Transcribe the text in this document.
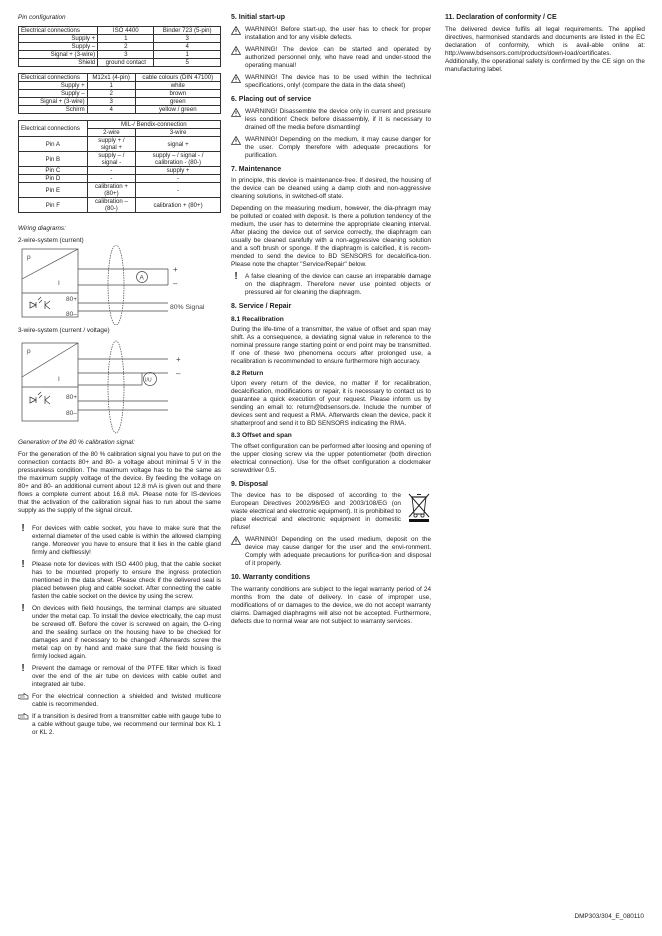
Pin configuration
Electrical connections	ISO 4400	Binder 723 (5-pin)
Supply +	1	3
Supply –	2	4
Signal + (3-wire)	3	1
Shield	ground contact	5
Electrical connections	M12x1 (4-pin)	cable colours (DIN 47100)
Supply +	1	white
Supply –	2	brown
Signal + (3-wire)	3	green
Schirm	4	yellow / green
Electrical connections	MIL-/ Bendix-connection	
	2-wire	3-wire
Pin A	supply + / signal +	signal +
Pin B	supply – / signal -	supply – / signal - / calibration - (80-)
Pin C	-	supply +
Pin D	-	-
Pin E	calibration + (80+)	-
Pin F	calibration – (80-)	calibration + (80+)
Wiring diagrams:
2-wire-system (current)
p
I
A
+
–
80+
80–
80% Signal
3-wire-system (current / voltage)
p
I	I/U
+
–
80+
80–
Generation of the 80 % calibration signal:

For the generation of the 80 % calibration signal you have to put on the connection contacts 80+ and 80- a voltage about minimal 5 V in the pressureless condition. The maximum voltage has to be the same as the maximum supply voltage of the device. By feeding the voltage on 80+ and 80- an additional current about 12.8 mA is given out and there flows a complete current about 16.8 mA. Please note for IS-devices that the activation of the calibration signal has to run about the same supply as the supply of the signal circuit.

!	For devices with cable socket, you have to make sure that the external diameter of the used cable is within the allowed clamping range. Moreover you have to ensure that it lies in the cable gland firmly and cleftlessly!
!	Please note for devices with ISO 4400 plug, that the cable socket has to be mounted properly to ensure the ingress protection mentioned in the data sheet. Please check if the delivered seal is placed between plug and cable socket. After connecting the cable fasten the cable socket on the device by using the screw.
!	On devices with field housings, the terminal clamps are situated under the metal cap. To install the device electrically, the cap must be screwed off. Before the cover is screwed on again, the O-ring and the sealing surface on the housing have to be checked for damages and if necessary to be changed! Afterwards screw the metal cap on by hand and make sure that the field housing is firmly locked again.
!	Prevent the damage or removal of the PTFE filter which is fixed over the end of the air tube on devices with cable outlet and integrated air tube.
For the electrical connection a shielded and twisted multicore cable is recommended.
If a transition is desired from a transmitter cable with gauge tube to a cable without gauge tube, we recommend our terminal box KL 1 or KL 2.
5. Initial start-up
WARNING! Before start-up, the user has to check for proper installation and for any visible defects.
WARNING! The device can be started and operated by authorized personnel only, who have read and under-stood the operating manual!
WARNING! The device has to be used within the technical specifications, only! (compare the data in the data sheet)
6. Placing out of service
WARNING! Disassemble the device only in current and pressure less condition! Check before disassembly, if it is necessary to drained off the media before dismantling!
WARNING! Depending on the medium, it may cause danger for the user. Comply therefore with adequate precautions for purification.
7. Maintenance

In principle, this device is maintenance-free. If desired, the housing of the device can be cleaned using a damp cloth and non-aggressive cleaning solutions, in switched-off state.

Depending on the measuring medium, however, the dia-phragm may be polluted or coated with deposit. Is there a pollution tendency of the medium, the user has to determine the appropriate cleaning interval. After placing the device out of service correctly, the diaphragm can usually be cleaned carefully with a non-aggressive cleaning solution and a soft brush or sponge. If the diaphragm is calcified, it is recom-mended to send the device to BD SENSORS for decalcifica-tion. Please note the chapter "Service/Repair" below.

!	A false cleaning of the device can cause an irreparable damage on the diaphragm. Therefore never use pointed objects or pressured air for cleaning the diaphragm.
8. Service / Repair
8.1 Recalibration

During the life-time of a transmitter, the value of offset and span may shift. As a consequence, a deviating signal value in reference to the nominal pressure range starting point or end point may be transmitted. If one of these two phenomena occurs after prolonged use, a recalibration is recommended to ensure furthermore high accuracy.

8.2 Return

Upon every return of the device, no matter if for recalibration, decalcification, modifications or repair, it is necessary to contact us to guarantee a quick execution of your request. Please inform us by sending an email to: return@bdsensors.de. Include the number of devices sent and request a RMA. Afterwards clean the device, pack it shatterproof and send it to BD SENSORS indicating the RMA.

8.3 Offset and span

The offset configuration can be performed after loosing and opening of the upper closing screw via the upper potentiometer (both direction electrical connection). Use for the offset configuration a clockmaker screwdriver 0.5.

9. Disposal

The device has to be disposed of according to the European Directives 2002/96/EG and 2003/108/EG (on waste electrical and electronic equipment). It is prohibited to place electrical and electronic equipment in domestic refuse!

WARNING! Depending on the used medium, deposit on the device may cause danger for the user and the envi-ronment. Comply with adequate precautions for purifica-tion and disposal of it properly.
10. Warranty conditions

The warranty conditions are subject to the legal warranty period of 24 months from the date of delivery. In case of improper use, modifications of or damages to the device, we do not accept warranty claims. Damaged diaphragms will also not be accepted. Furthermore, defects due to normal wear are not subject to warranty services.

11. Declaration of conformity / CE

The delivered device fulfils all legal requirements. The applied directives, harmonised standards and documents are listed in the EC declaration of conformity, which is avail-able online at: http://www.bdsensors.com/products/down-load/certificates.

Additionally, the operational safety is confirmed by the CE sign on the manufacturing label.

DMP303/304_E_080110
